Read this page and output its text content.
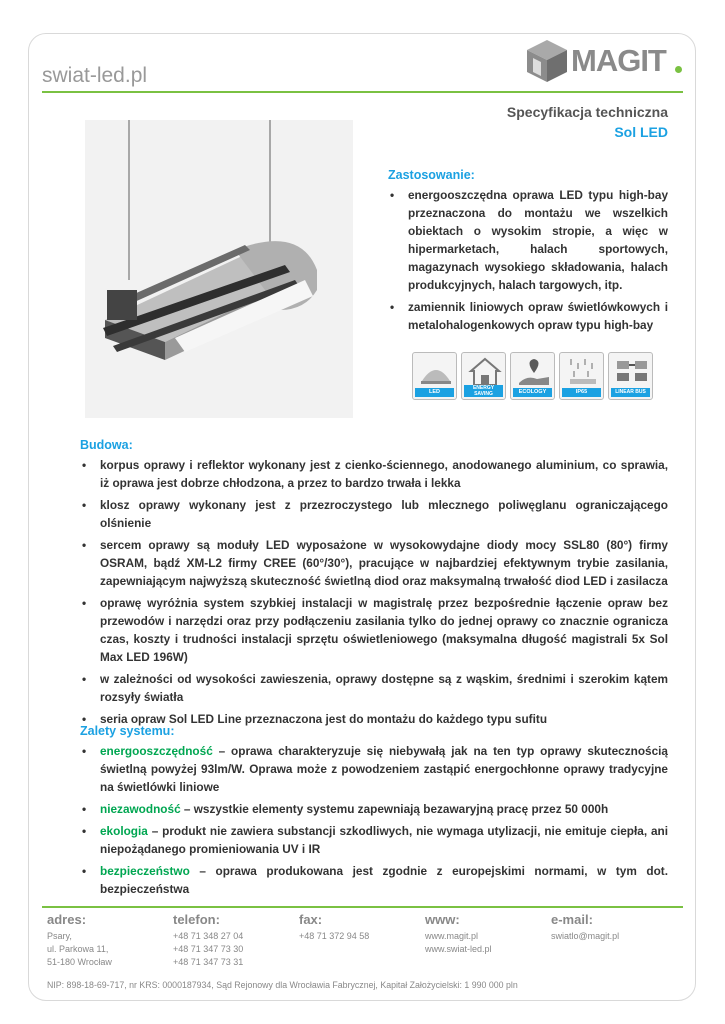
swiat-led.pl	MAGIT
Specyfikacja techniczna
Sol LED
Zastosowanie:
• energooszczędna oprawa LED typu high-bay przeznaczona do montażu we wszelkich obiektach o wysokim stropie, a więc w hipermarketach, halach sportowych, magazynach wysokiego składowania, halach produkcyjnych, halach targowych, itp.
• zamiennik liniowych opraw świetlówkowych i metalohalogenkowych opraw typu high-bay
LED
ENERGY SAVING	ECOLOGY	IP65	LINEAR BUS
Budowa:
• korpus oprawy i reflektor wykonany jest z cienko-ściennego, anodowanego aluminium, co sprawia, iż oprawa jest dobrze chłodzona, a przez to bardzo trwała i lekka
• klosz oprawy wykonany jest z przezroczystego lub mlecznego poliwęglanu ograniczającego olśnienie
• sercem oprawy są moduły LED wyposażone w wysokowydajne diody mocy SSL80 (80°) firmy OSRAM, bądź XM-L2 firmy CREE (60°/30°), pracujące w najbardziej efektywnym trybie zasilania, zapewniającym najwyższą skuteczność świetlną diod oraz maksymalną trwałość diod LED i zasilacza
• oprawę wyróżnia system szybkiej instalacji w magistralę przez bezpośrednie łączenie opraw bez przewodów i narzędzi oraz przy podłączeniu zasilania tylko do jednej oprawy co znacznie ogranicza czas, koszty i trudności instalacji sprzętu oświetleniowego (maksymalna długość magistrali 5x Sol Max LED 196W)
• w zależności od wysokości zawieszenia, oprawy dostępne są z wąskim, średnimi i szerokim kątem rozsyły światła
• seria opraw Sol LED Line przeznaczona jest do montażu do każdego typu sufitu
Zalety systemu:
• energooszczędność – oprawa charakteryzuje się niebywałą jak na ten typ oprawy skutecznością świetlną powyżej 93lm/W. Oprawa może z powodzeniem zastąpić energochłonne oprawy tradycyjne na świetlówki liniowe
• niezawodność – wszystkie elementy systemu zapewniają bezawaryjną pracę przez 50 000h
• ekologia – produkt nie zawiera substancji szkodliwych, nie wymaga utylizacji, nie emituje ciepła, ani niepożądanego promieniowania UV i IR
• bezpieczeństwo – oprawa produkowana jest zgodnie z europejskimi normami, w tym dot. bezpieczeństwa
adres:
Psary,
ul. Parkowa 11,
51-180 Wrocław
telefon:
+48 71 348 27 04
+48 71 347 73 30
+48 71 347 73 31
fax:
+48 71 372 94 58
www:
www.magit.pl
www.swiat-led.pl
e-mail:
swiatlo@magit.pl
NIP: 898-18-69-717, nr KRS: 0000187934, Sąd Rejonowy dla Wrocławia Fabrycznej, Kapitał Założycielski: 1 990 000 pln
